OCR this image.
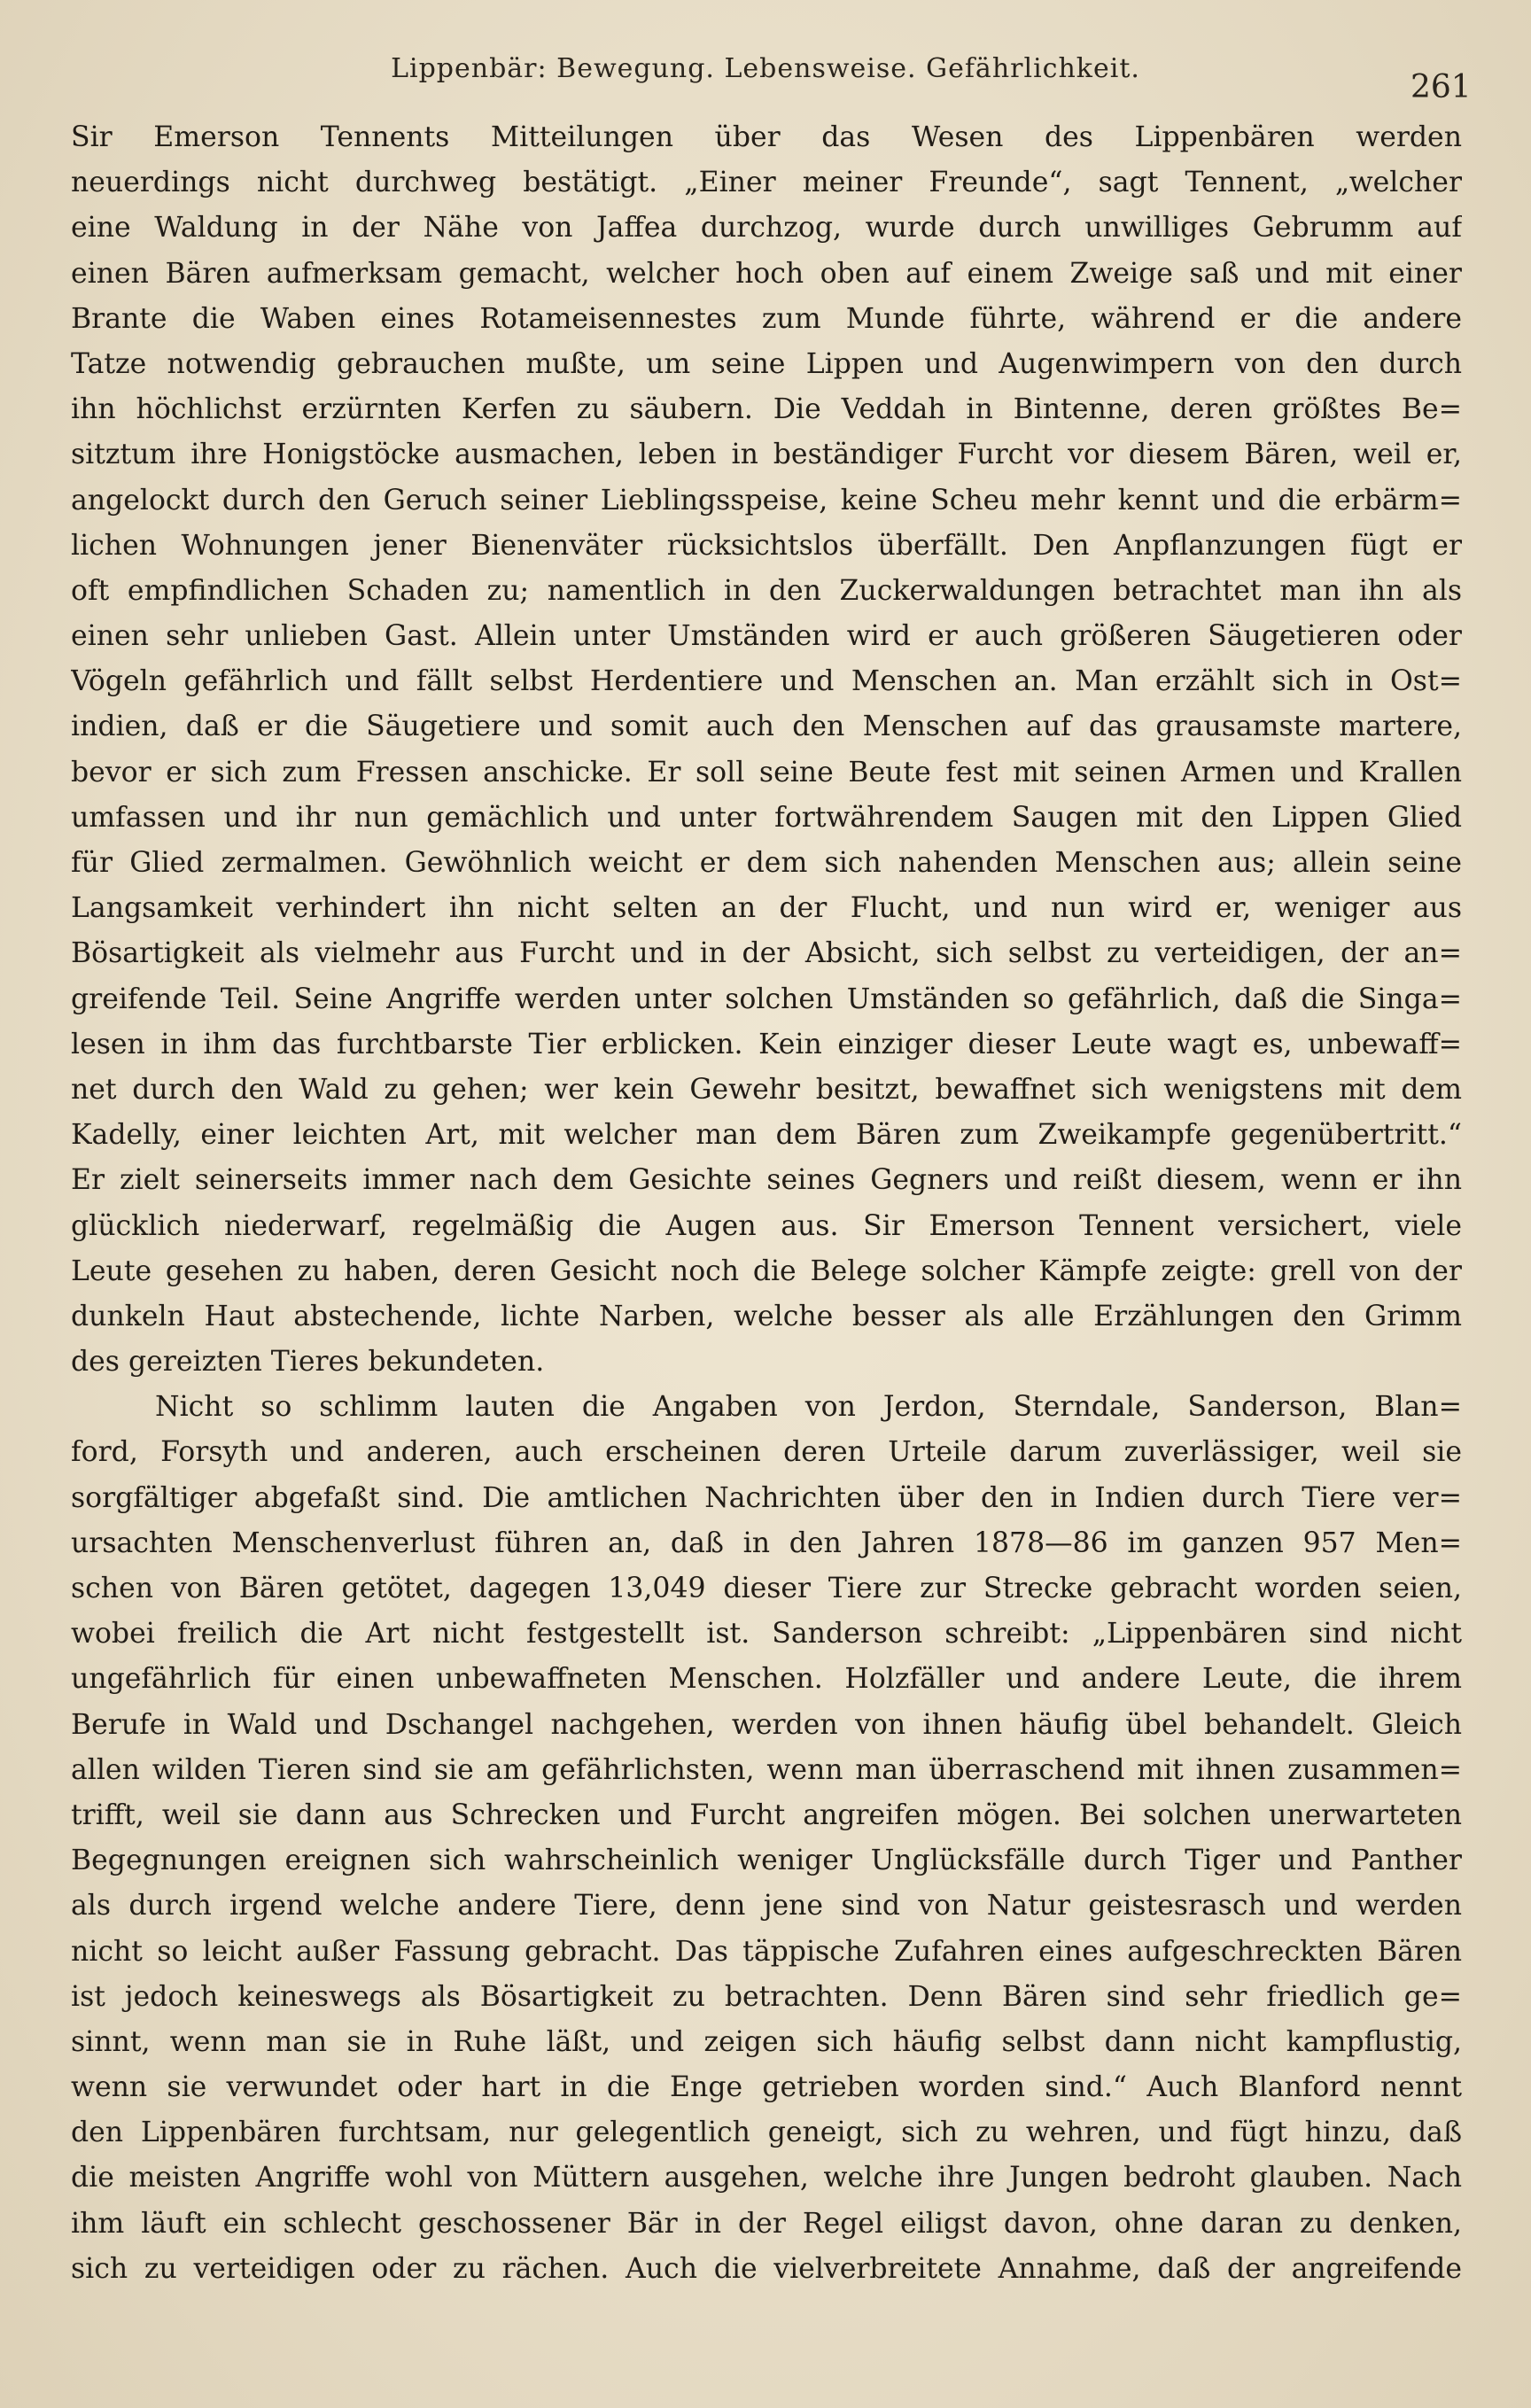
Lippenbär: Bewegung. Lebensweise. Gefährlichkeit.
261
Sir Emerson Tennents Mitteilungen über das Wesen des Lippenbären werden
neuerdings nicht durchweg bestätigt. „Einer meiner Freunde“, sagt Tennent, „welcher
eine Waldung in der Nähe von Jaffea durchzog, wurde durch unwilliges Gebrumm auf
einen Bären aufmerksam gemacht, welcher hoch oben auf einem Zweige saß und mit einer
Brante die Waben eines Rotameisennestes zum Munde führte, während er die andere
Tatze notwendig gebrauchen mußte, um seine Lippen und Augenwimpern von den durch
ihn höchlichst erzürnten Kerfen zu säubern. Die Veddah in Bintenne, deren größtes Be=
sitztum ihre Honigstöcke ausmachen, leben in beständiger Furcht vor diesem Bären, weil er,
angelockt durch den Geruch seiner Lieblingsspeise, keine Scheu mehr kennt und die erbärm=
lichen Wohnungen jener Bienenväter rücksichtslos überfällt. Den Anpflanzungen fügt er
oft empfindlichen Schaden zu; namentlich in den Zuckerwaldungen betrachtet man ihn als
einen sehr unlieben Gast. Allein unter Umständen wird er auch größeren Säugetieren oder
Vögeln gefährlich und fällt selbst Herdentiere und Menschen an. Man erzählt sich in Ost=
indien, daß er die Säugetiere und somit auch den Menschen auf das grausamste martere,
bevor er sich zum Fressen anschicke. Er soll seine Beute fest mit seinen Armen und Krallen
umfassen und ihr nun gemächlich und unter fortwährendem Saugen mit den Lippen Glied
für Glied zermalmen. Gewöhnlich weicht er dem sich nahenden Menschen aus; allein seine
Langsamkeit verhindert ihn nicht selten an der Flucht, und nun wird er, weniger aus
Bösartigkeit als vielmehr aus Furcht und in der Absicht, sich selbst zu verteidigen, der an=
greifende Teil. Seine Angriffe werden unter solchen Umständen so gefährlich, daß die Singa=
lesen in ihm das furchtbarste Tier erblicken. Kein einziger dieser Leute wagt es, unbewaff=
net durch den Wald zu gehen; wer kein Gewehr besitzt, bewaffnet sich wenigstens mit dem
Kadelly, einer leichten Art, mit welcher man dem Bären zum Zweikampfe gegenübertritt.“
Er zielt seinerseits immer nach dem Gesichte seines Gegners und reißt diesem, wenn er ihn
glücklich niederwarf, regelmäßig die Augen aus. Sir Emerson Tennent versichert, viele
Leute gesehen zu haben, deren Gesicht noch die Belege solcher Kämpfe zeigte: grell von der
dunkeln Haut abstechende, lichte Narben, welche besser als alle Erzählungen den Grimm
des gereizten Tieres bekundeten.
Nicht so schlimm lauten die Angaben von Jerdon, Sterndale, Sanderson, Blan=
ford, Forsyth und anderen, auch erscheinen deren Urteile darum zuverlässiger, weil sie
sorgfältiger abgefaßt sind. Die amtlichen Nachrichten über den in Indien durch Tiere ver=
ursachten Menschenverlust führen an, daß in den Jahren 1878—86 im ganzen 957 Men=
schen von Bären getötet, dagegen 13,049 dieser Tiere zur Strecke gebracht worden seien,
wobei freilich die Art nicht festgestellt ist. Sanderson schreibt: „Lippenbären sind nicht
ungefährlich für einen unbewaffneten Menschen. Holzfäller und andere Leute, die ihrem
Berufe in Wald und Dschangel nachgehen, werden von ihnen häufig übel behandelt. Gleich
allen wilden Tieren sind sie am gefährlichsten, wenn man überraschend mit ihnen zusammen=
trifft, weil sie dann aus Schrecken und Furcht angreifen mögen. Bei solchen unerwarteten
Begegnungen ereignen sich wahrscheinlich weniger Unglücksfälle durch Tiger und Panther
als durch irgend welche andere Tiere, denn jene sind von Natur geistesrasch und werden
nicht so leicht außer Fassung gebracht. Das täppische Zufahren eines aufgeschreckten Bären
ist jedoch keineswegs als Bösartigkeit zu betrachten. Denn Bären sind sehr friedlich ge=
sinnt, wenn man sie in Ruhe läßt, und zeigen sich häufig selbst dann nicht kampflustig,
wenn sie verwundet oder hart in die Enge getrieben worden sind.“ Auch Blanford nennt
den Lippenbären furchtsam, nur gelegentlich geneigt, sich zu wehren, und fügt hinzu, daß
die meisten Angriffe wohl von Müttern ausgehen, welche ihre Jungen bedroht glauben. Nach
ihm läuft ein schlecht geschossener Bär in der Regel eiligst davon, ohne daran zu denken,
sich zu verteidigen oder zu rächen. Auch die vielverbreitete Annahme, daß der angreifende
